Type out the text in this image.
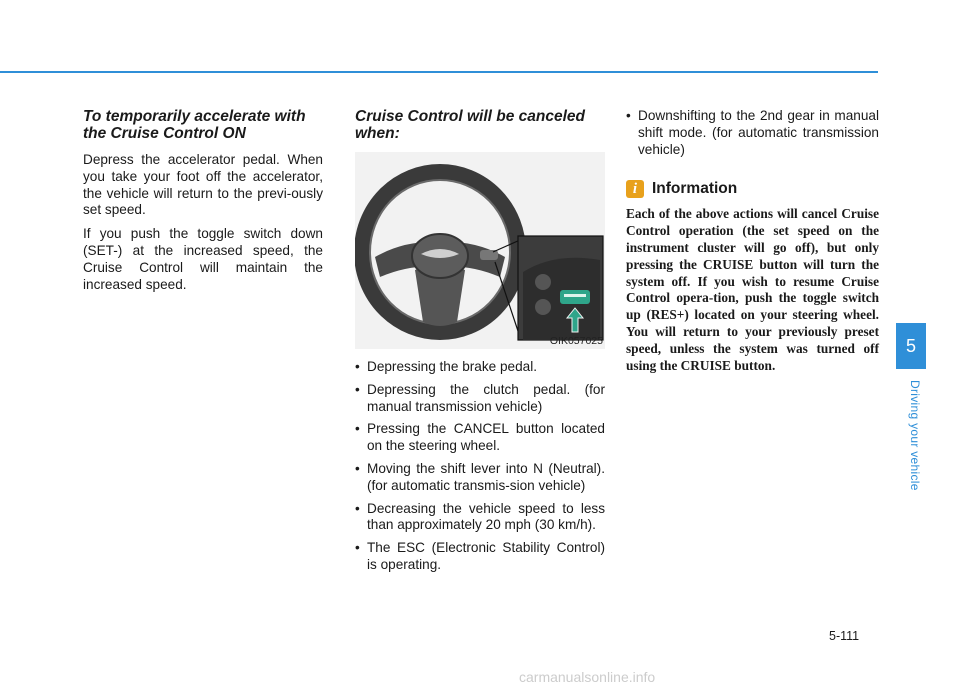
To temporarily accelerate with the Cruise Control ON

Depress the accelerator pedal. When you take your foot off the accelerator, the vehicle will return to the previ-ously set speed.

If you push the toggle switch down (SET-) at the increased speed, the Cruise Control will maintain the increased speed.

Cruise Control will be canceled when:
OIK057025
• Depressing the brake pedal.
• Depressing the clutch pedal. (for manual transmission vehicle)
• Pressing the CANCEL button located on the steering wheel.
• Moving the shift lever into N (Neutral).(for automatic transmis-sion vehicle)
• Decreasing the vehicle speed to less than approximately 20 mph (30 km/h).
• The ESC (Electronic Stability Control) is operating.
• Downshifting to the 2nd gear in manual shift mode. (for automatic transmission vehicle)
i Information

Each of the above actions will cancel Cruise Control operation (the set speed on the instrument cluster will go off), but only pressing the CRUISE button will turn the system off. If you wish to resume Cruise Control opera-tion, push the toggle switch up (RES+) located on your steering wheel. You will return to your previously preset speed, unless the system was turned off using the CRUISE button.

5
Driving your vehicle
5-111
carmanualsonline.info
